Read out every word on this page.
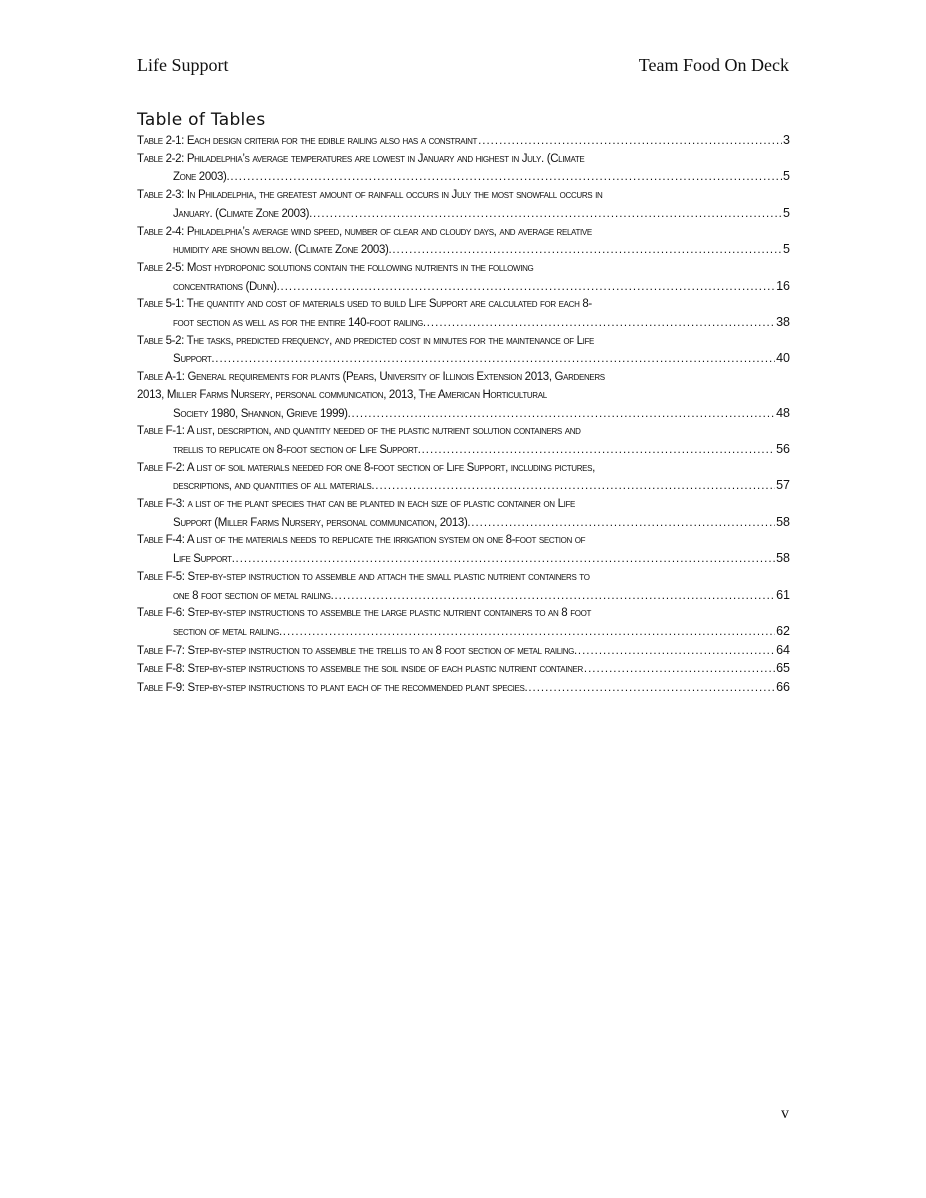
Life Support	Team Food On Deck
Table of Tables
Table 2-1: Each design criteria for the edible railing also has a constraint .....	3
Table 2-2: Philadelphia’s average temperatures are lowest in January and highest in July. (Climate
Zone 2003). .....	5
Table 2-3: In Philadelphia, the greatest amount of rainfall occurs in July the most snowfall occurs in
January. (Climate Zone 2003). .....	5
Table 2-4: Philadelphia’s average wind speed, number of clear and cloudy days, and average relative
humidity are shown below. (Climate Zone 2003). .....	5
Table 2-5: Most hydroponic solutions contain the following nutrients in the following
concentrations (Dunn). .....	16
Table 5-1: The quantity and cost of materials used to build Life Support are calculated for each 8-
foot section as well as for the entire 140-foot railing. .....	38
Table 5-2: The tasks, predicted frequency, and predicted cost in minutes for the maintenance of Life
Support. .....	40
Table A-1: General requirements for plants (Pears, University of Illinois Extension 2013, Gardeners
2013, Miller Farms Nursery, personal communication, 2013, The American Horticultural
Society 1980, Shannon, Grieve 1999). .....	48
Table F-1: A list, description, and quantity needed of the plastic nutrient solution containers and
trellis to replicate on 8-foot section of Life Support. .....	56
Table F-2: A list of soil materials needed for one 8-foot section of Life Support, including pictures,
descriptions, and quantities of all materials. .....	57
Table F-3: a list of the plant species that can be planted in each size of plastic container on Life
Support (Miller Farms Nursery, personal communication, 2013). .....	58
Table F-4: A list of the materials needs to replicate the irrigation system on one 8-foot section of
Life Support. .....	58
Table F-5: Step-by-step instruction to assemble and attach the small plastic nutrient containers to
one 8 foot section of metal railing. .....	61
Table F-6: Step-by-step instructions to assemble the large plastic nutrient containers to an 8 foot
section of metal railing. .....	62
Table F-7: Step-by-step instruction to assemble the trellis to an 8 foot section of metal railing. .....	64
Table F-8: Step-by-step instructions to assemble the soil inside of each plastic nutrient container .....	65
Table F-9: Step-by-step instructions to plant each of the recommended plant species. .....	66
v
